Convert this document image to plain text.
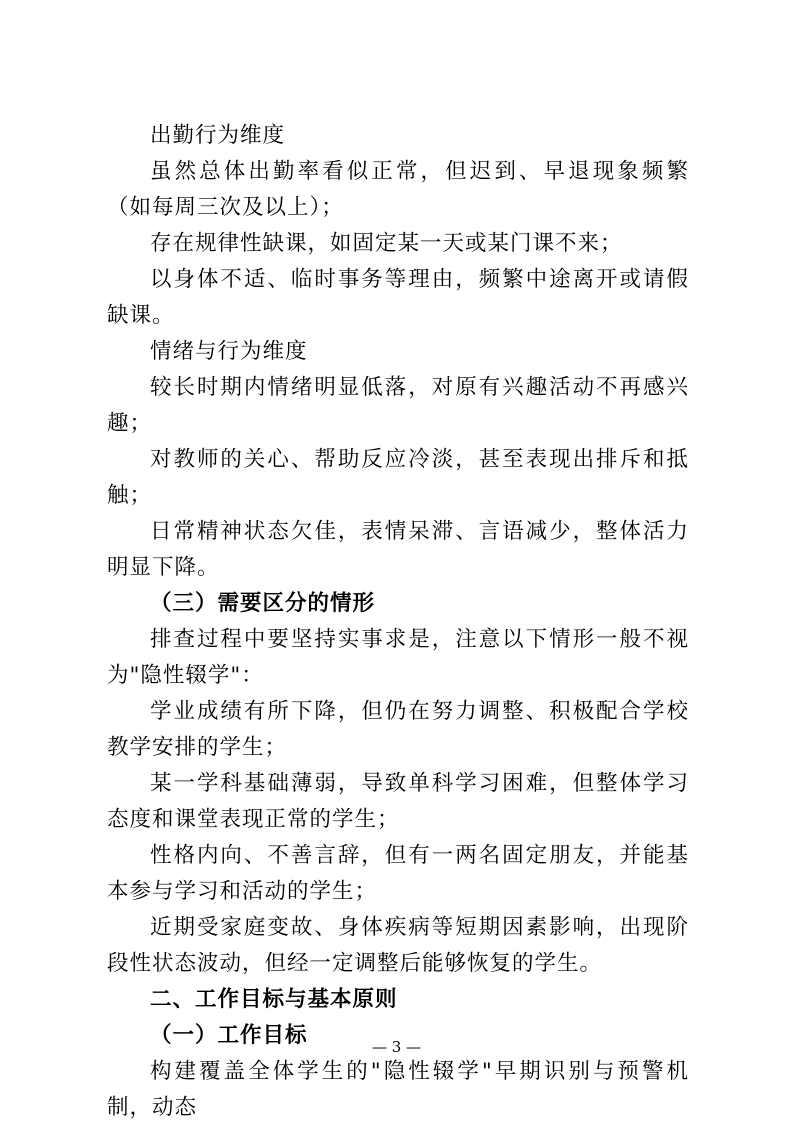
出勤行为维度

虽然总体出勤率看似正常，但迟到、早退现象频繁（如每周三次及以上）；

存在规律性缺课，如固定某一天或某门课不来；

以身体不适、临时事务等理由，频繁中途离开或请假缺课。

情绪与行为维度

较长时期内情绪明显低落，对原有兴趣活动不再感兴趣；

对教师的关心、帮助反应冷淡，甚至表现出排斥和抵触；

日常精神状态欠佳，表情呆滞、言语减少，整体活力明显下降。

（三）需要区分的情形

排查过程中要坚持实事求是，注意以下情形一般不视为"隐性辍学"：

学业成绩有所下降，但仍在努力调整、积极配合学校教学安排的学生；

某一学科基础薄弱，导致单科学习困难，但整体学习态度和课堂表现正常的学生；

性格内向、不善言辞，但有一两名固定朋友，并能基本参与学习和活动的学生；

近期受家庭变故、身体疾病等短期因素影响，出现阶段性状态波动，但经一定调整后能够恢复的学生。

二、工作目标与基本原则

（一）工作目标

构建覆盖全体学生的"隐性辍学"早期识别与预警机制，动态

— 3 —
